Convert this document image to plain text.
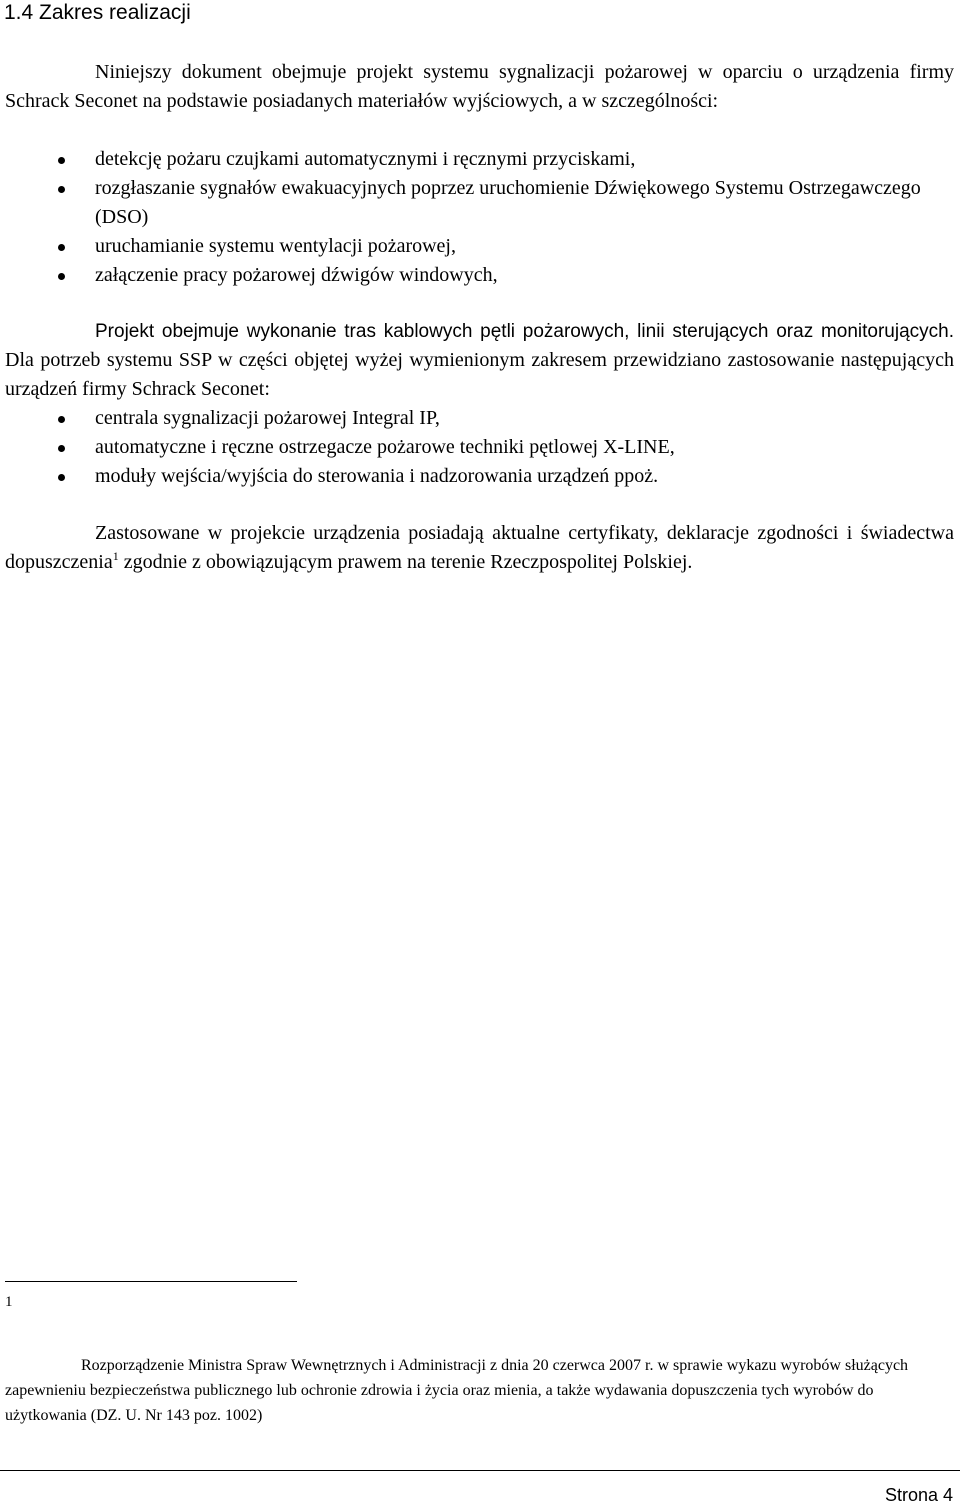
1.4 Zakres realizacji

Niniejszy dokument obejmuje projekt systemu sygnalizacji pożarowej w oparciu o urządzenia firmy Schrack Seconet na podstawie posiadanych materiałów wyjściowych, a w szczególności:

detekcję pożaru czujkami automatycznymi i ręcznymi przyciskami,
rozgłaszanie sygnałów ewakuacyjnych poprzez uruchomienie Dźwiękowego Systemu Ostrzegawczego (DSO)
uruchamianie systemu wentylacji pożarowej,
załączenie pracy pożarowej dźwigów windowych,

Projekt obejmuje wykonanie tras kablowych pętli pożarowych, linii sterujących oraz monitorujących. Dla potrzeb systemu SSP w części objętej wyżej wymienionym zakresem przewidziano zastosowanie następujących urządzeń firmy Schrack Seconet:

centrala sygnalizacji pożarowej Integral IP,
automatyczne i ręczne ostrzegacze pożarowe techniki pętlowej X-LINE,
moduły wejścia/wyjścia do sterowania i nadzorowania urządzeń ppoż.

Zastosowane w projekcie urządzenia posiadają aktualne certyfikaty, deklaracje zgodności i świadectwa dopuszczenia$^1$ zgodnie z obowiązującym prawem na terenie Rzeczpospolitej Polskiej.

1

Rozporządzenie Ministra Spraw Wewnętrznych i Administracji z dnia 20 czerwca 2007 r. w sprawie wykazu wyrobów służących zapewnieniu bezpieczeństwa publicznego lub ochronie zdrowia i życia oraz mienia, a także wydawania dopuszczenia tych wyrobów do użytkowania (DZ. U. Nr 143 poz. 1002)

Strona 4
